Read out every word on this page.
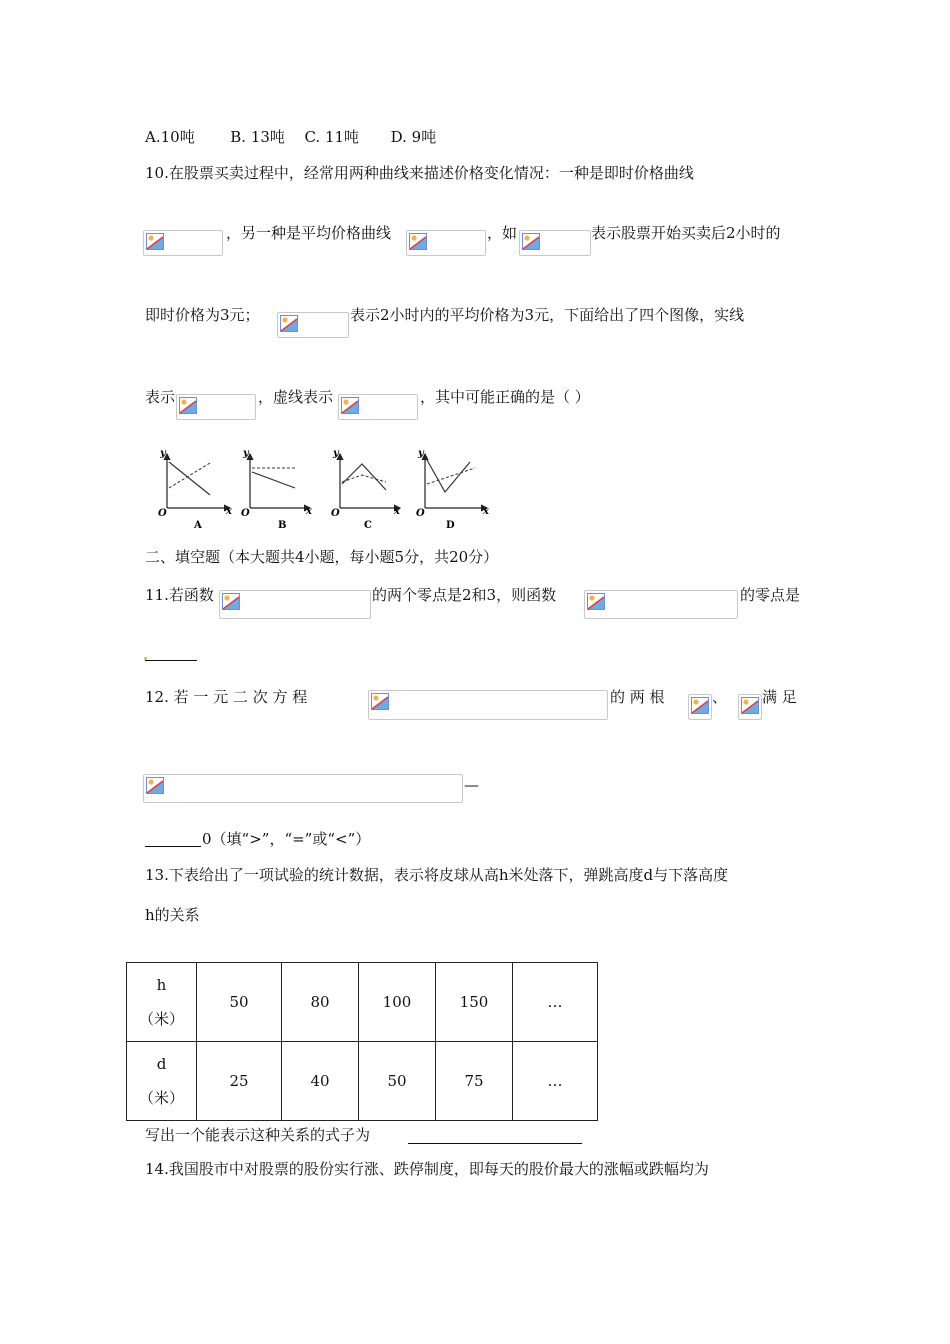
A.10吨 B. 13吨 C. 11吨 D. 9吨
10.在股票买卖过程中，经常用两种曲线来描述价格变化情况：一种是即时价格曲线
，另一种是平均价格曲线	，如	表示股票开始买卖后2小时的
即时价格为3元；	表示2小时内的平均价格为3元，下面给出了四个图像，实线
表示	，虚线表示	，其中可能正确的是（ ）
y
x
O
A
y
x
O
B
y
x
O
C
y
x
O
D
二、填空题（本大题共4小题，每小题5分，共20分）
11.若函数	的两个零点是2和3，则函数	的零点是
12. 若 一 元 二 次 方 程	的 两 根	、 满 足
—
0（填“>”，“=”或“<”）
13.下表给出了一项试验的统计数据，表示将皮球从高h米处落下，弹跳高度d与下落高度
h的关系
h
（米）	50	80	100	150	…

d
（米）	25	40	50	75	…
写出一个能表示这种关系的式子为
14.我国股市中对股票的股份实行涨、跌停制度，即每天的股价最大的涨幅或跌幅均为
